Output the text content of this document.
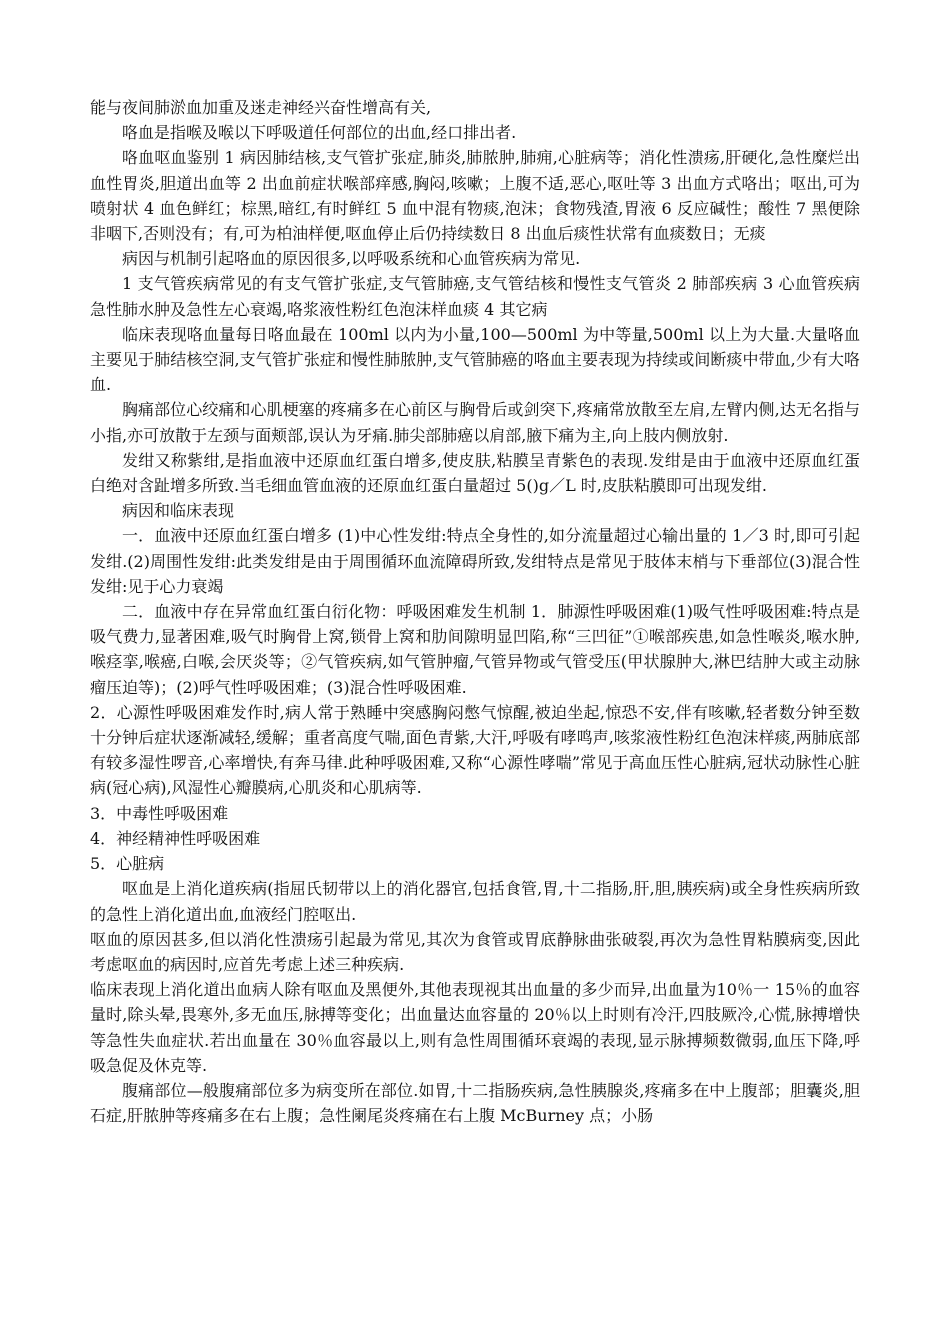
能与夜间肺淤血加重及迷走神经兴奋性增高有关,

咯血是指喉及喉以下呼吸道任何部位的出血,经口排出者.

咯血呕血鉴别 1 病因肺结核,支气管扩张症,肺炎,肺脓肿,肺痈,心脏病等；消化性溃疡,肝硬化,急性糜烂出血性胃炎,胆道出血等 2 出血前症状喉部痒感,胸闷,咳嗽；上腹不适,恶心,呕吐等 3 出血方式咯出；呕出,可为喷射状 4 血色鲜红；棕黑,暗红,有时鲜红 5 血中混有物痰,泡沫；食物残渣,胃液 6 反应碱性；酸性 7 黑便除非咽下,否则没有；有,可为柏油样便,呕血停止后仍持续数日 8 出血后痰性状常有血痰数日；无痰

病因与机制引起咯血的原因很多,以呼吸系统和心血管疾病为常见.

1 支气管疾病常见的有支气管扩张症,支气管肺癌,支气管结核和慢性支气管炎 2 肺部疾病 3 心血管疾病急性肺水肿及急性左心衰竭,咯浆液性粉红色泡沫样血痰 4 其它病

临床表现咯血量每日咯血最在 100ml 以内为小量,100—500ml 为中等量,500ml 以上为大量.大量咯血主要见于肺结核空洞,支气管扩张症和慢性肺脓肿,支气管肺癌的咯血主要表现为持续或间断痰中带血,少有大咯血.

胸痛部位心绞痛和心肌梗塞的疼痛多在心前区与胸骨后或剑突下,疼痛常放散至左肩,左臂内侧,达无名指与小指,亦可放散于左颈与面颊部,误认为牙痛.肺尖部肺癌以肩部,腋下痛为主,向上肢内侧放射.

发绀又称紫绀,是指血液中还原血红蛋白增多,使皮肤,粘膜呈青紫色的表现.发绀是由于血液中还原血红蛋白绝对含趾增多所致.当毛细血管血液的还原血红蛋白量超过 5()g／L 时,皮肤粘膜即可出现发绀.

病因和临床表现

一．血液中还原血红蛋白增多 (1)中心性发绀:特点全身性的,如分流量超过心输出量的 1／3 时,即可引起发绀.(2)周围性发绀:此类发绀是由于周围循环血流障碍所致,发绀特点是常见于肢体末梢与下垂部位(3)混合性发绀:见于心力衰竭

二．血液中存在异常血红蛋白衍化物：呼吸困难发生机制 1．肺源性呼吸困难(1)吸气性呼吸困难:特点是吸气费力,显著困难,吸气时胸骨上窝,锁骨上窝和肋间隙明显凹陷,称“三凹征”①喉部疾患,如急性喉炎,喉水肿,喉痉挛,喉癌,白喉,会厌炎等；②气管疾病,如气管肿瘤,气管异物或气管受压(甲状腺肿大,淋巴结肿大或主动脉瘤压迫等)；(2)呼气性呼吸困难；(3)混合性呼吸困难.

2．心源性呼吸困难发作时,病人常于熟睡中突感胸闷憋气惊醒,被迫坐起,惊恐不安,伴有咳嗽,轻者数分钟至数十分钟后症状逐渐减轻,缓解；重者高度气喘,面色青紫,大汗,呼吸有哮鸣声,咳浆液性粉红色泡沫样痰,两肺底部有较多湿性啰音,心率增快,有奔马律.此种呼吸困难,又称“心源性哮喘”常见于高血压性心脏病,冠状动脉性心脏病(冠心病),风湿性心瓣膜病,心肌炎和心肌病等.

3．中毒性呼吸困难

4．神经精神性呼吸困难

5．心脏病

呕血是上消化道疾病(指屈氏韧带以上的消化器官,包括食管,胃,十二指肠,肝,胆,胰疾病)或全身性疾病所致的急性上消化道出血,血液经门腔呕出.

呕血的原因甚多,但以消化性溃疡引起最为常见,其次为食管或胃底静脉曲张破裂,再次为急性胃粘膜病变,因此考虑呕血的病因时,应首先考虑上述三种疾病.

临床表现上消化道出血病人除有呕血及黑便外,其他表现视其出血量的多少而异,出血量为10％一 15％的血容量时,除头晕,畏寒外,多无血压,脉搏等变化；出血量达血容量的 20％以上时则有冷汗,四肢厥冷,心慌,脉搏增快等急性失血症状.若出血量在 30％血容最以上,则有急性周围循环衰竭的表现,显示脉搏频数微弱,血压下降,呼吸急促及休克等.

腹痛部位—般腹痛部位多为病变所在部位.如胃,十二指肠疾病,急性胰腺炎,疼痛多在中上腹部；胆囊炎,胆石症,肝脓肿等疼痛多在右上腹；急性阑尾炎疼痛在右上腹 McBurney 点；小肠
